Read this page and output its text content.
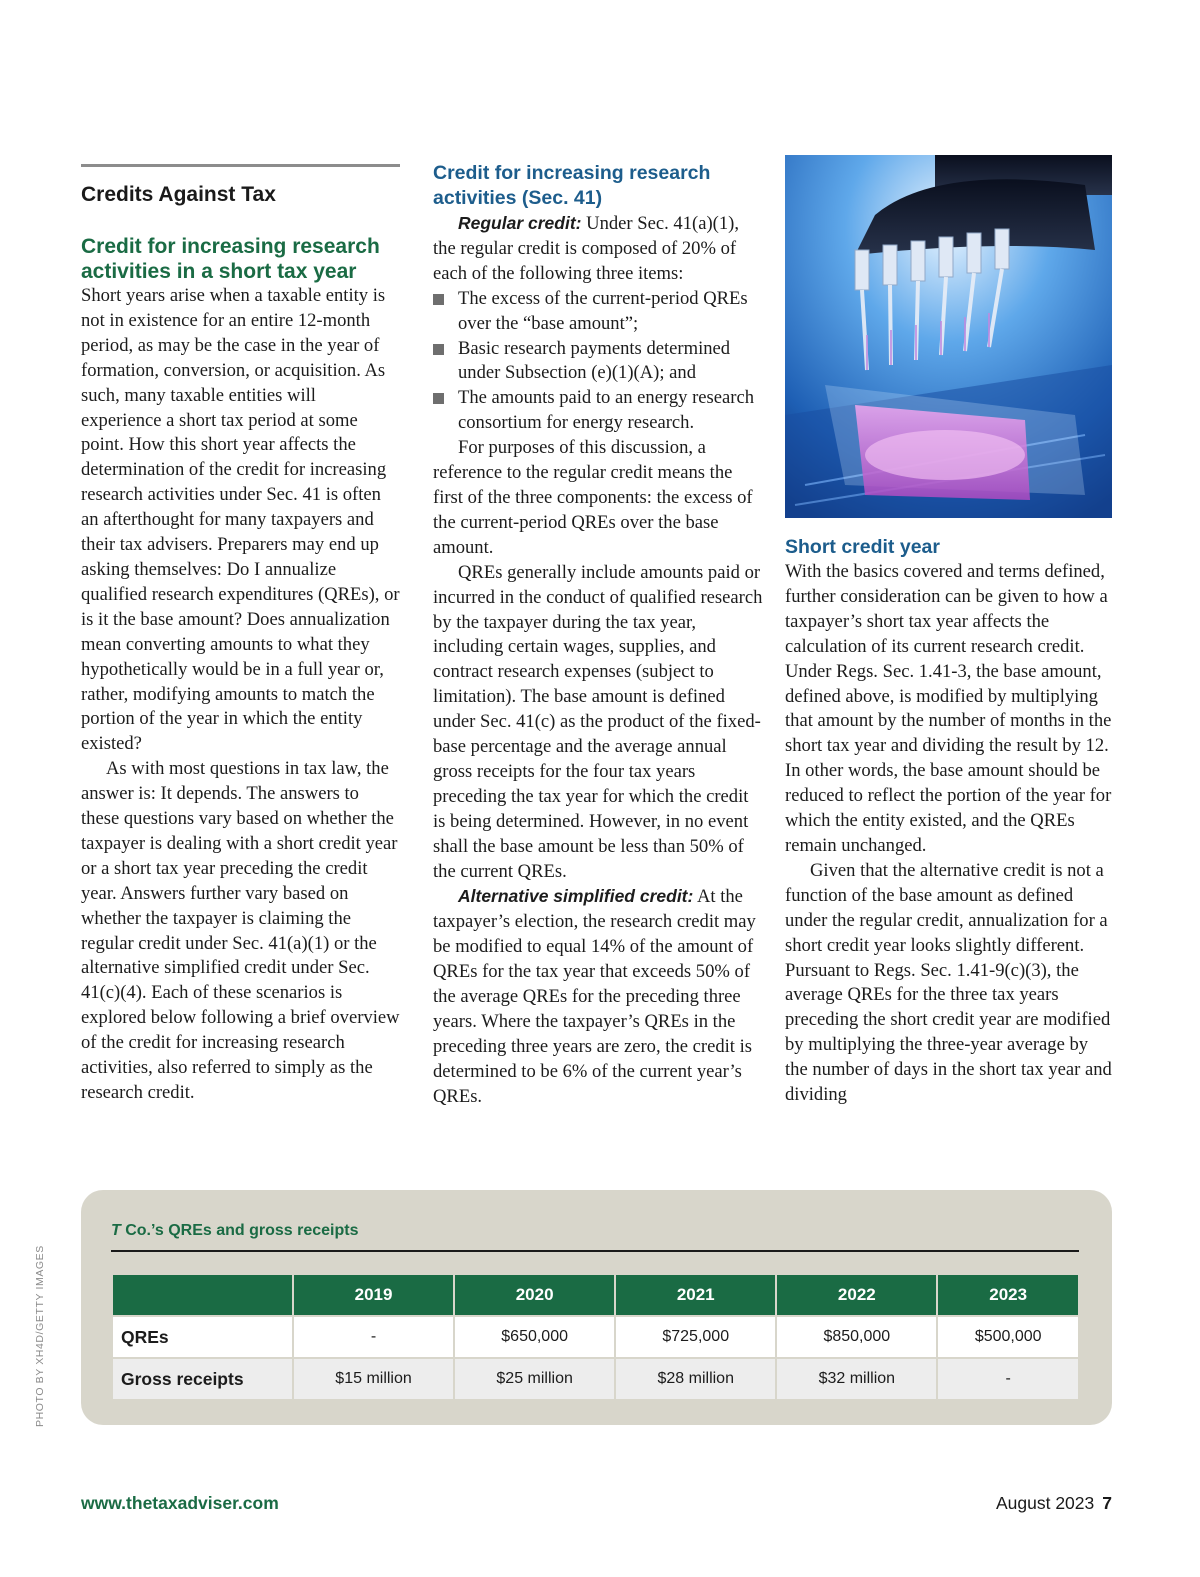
Credits Against Tax
Credit for increasing research activities in a short tax year

Short years arise when a taxable entity is not in existence for an entire 12-month period, as may be the case in the year of formation, conversion, or acquisition. As such, many taxable entities will experience a short tax period at some point. How this short year affects the determination of the credit for increasing research activities under Sec. 41 is often an afterthought for many taxpayers and their tax advisers. Preparers may end up asking themselves: Do I annualize qualified research expenditures (QREs), or is it the base amount? Does annualization mean converting amounts to what they hypothetically would be in a full year or, rather, modifying amounts to match the portion of the year in which the entity existed?

As with most questions in tax law, the answer is: It depends. The answers to these questions vary based on whether the taxpayer is dealing with a short credit year or a short tax year preceding the credit year. Answers further vary based on whether the taxpayer is claiming the regular credit under Sec. 41(a)(1) or the alternative simplified credit under Sec. 41(c)(4). Each of these scenarios is explored below following a brief overview of the credit for increasing research activities, also referred to simply as the research credit.

Credit for increasing research activities (Sec. 41)

Regular credit: Under Sec. 41(a)(1), the regular credit is composed of 20% of each of the following three items:

The excess of the current-period QREs over the “base amount”;
Basic research payments determined under Subsection (e)(1)(A); and
The amounts paid to an energy research consortium for energy research.

For purposes of this discussion, a reference to the regular credit means the first of the three components: the excess of the current-period QREs over the base amount.

QREs generally include amounts paid or incurred in the conduct of qualified research by the taxpayer during the tax year, including certain wages, supplies, and contract research expenses (subject to limitation). The base amount is defined under Sec. 41(c) as the product of the fixed-base percentage and the average annual gross receipts for the four tax years preceding the tax year for which the credit is being determined. However, in no event shall the base amount be less than 50% of the current QREs.

Alternative simplified credit: At the taxpayer’s election, the research credit may be modified to equal 14% of the amount of QREs for the tax year that exceeds 50% of the average QREs for the preceding three years. Where the taxpayer’s QREs in the preceding three years are zero, the credit is determined to be 6% of the current year’s QREs.

Short credit year

With the basics covered and terms defined, further consideration can be given to how a taxpayer’s short tax year affects the calculation of its current research credit. Under Regs. Sec. 1.41-3, the base amount, defined above, is modified by multiplying that amount by the number of months in the short tax year and dividing the result by 12. In other words, the base amount should be reduced to reflect the portion of the year for which the entity existed, and the QREs remain unchanged.

Given that the alternative credit is not a function of the base amount as defined under the regular credit, annualization for a short credit year looks slightly different. Pursuant to Regs. Sec. 1.41-9(c)(3), the average QREs for the three tax years preceding the short credit year are modified by multiplying the three-year average by the number of days in the short tax year and dividing

T Co.’s QREs and gross receipts
	2019	2020	2021	2022	2023
QREs	-	$650,000	$725,000	$850,000	$500,000
Gross receipts	$15 million	$25 million	$28 million	$32 million	-
PHOTO BY XH4D/GETTY IMAGES
www.thetaxadviser.com	August 2023 7
